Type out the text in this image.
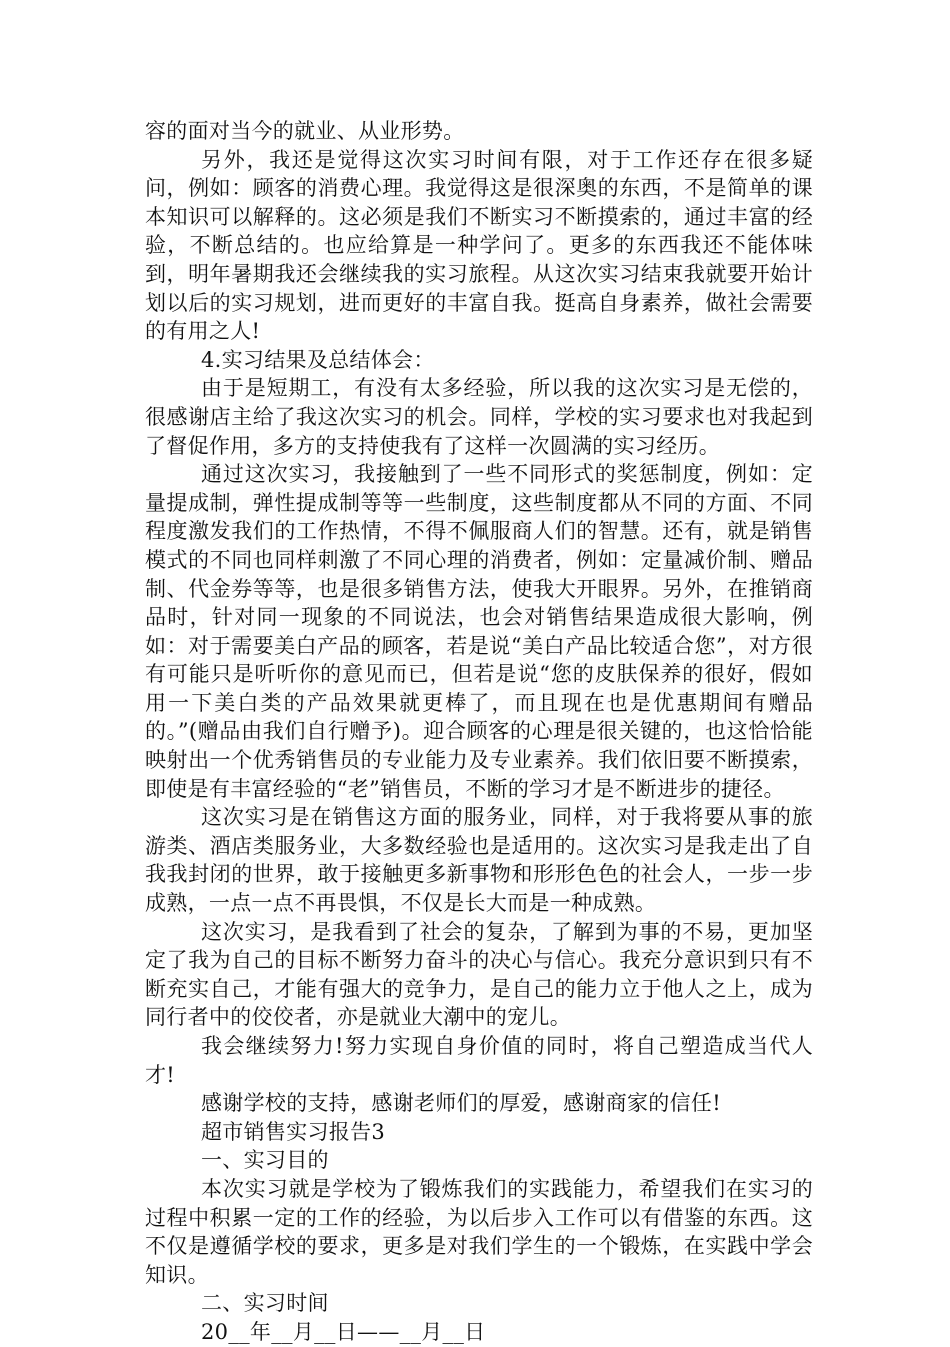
容的面对当今的就业、从业形势。

另外，我还是觉得这次实习时间有限，对于工作还存在很多疑问，例如：顾客的消费心理。我觉得这是很深奥的东西，不是简单的课本知识可以解释的。这必须是我们不断实习不断摸索的，通过丰富的经验，不断总结的。也应给算是一种学问了。更多的东西我还不能体味到，明年暑期我还会继续我的实习旅程。从这次实习结束我就要开始计划以后的实习规划，进而更好的丰富自我。挺高自身素养，做社会需要的有用之人!

4.实习结果及总结体会：

由于是短期工，有没有太多经验，所以我的这次实习是无偿的，很感谢店主给了我这次实习的机会。同样，学校的实习要求也对我起到了督促作用，多方的支持使我有了这样一次圆满的实习经历。

通过这次实习，我接触到了一些不同形式的奖惩制度，例如：定量提成制，弹性提成制等等一些制度，这些制度都从不同的方面、不同程度激发我们的工作热情，不得不佩服商人们的智慧。还有，就是销售模式的不同也同样刺激了不同心理的消费者，例如：定量减价制、赠品制、代金券等等，也是很多销售方法，使我大开眼界。另外，在推销商品时，针对同一现象的不同说法，也会对销售结果造成很大影响，例如：对于需要美白产品的顾客，若是说“美白产品比较适合您”，对方很有可能只是听听你的意见而已，但若是说“您的皮肤保养的很好，假如用一下美白类的产品效果就更棒了，而且现在也是优惠期间有赠品的。”(赠品由我们自行赠予)。迎合顾客的心理是很关键的，也这恰恰能映射出一个优秀销售员的专业能力及专业素养。我们依旧要不断摸索，即使是有丰富经验的“老”销售员，不断的学习才是不断进步的捷径。

这次实习是在销售这方面的服务业，同样，对于我将要从事的旅游类、酒店类服务业，大多数经验也是适用的。这次实习是我走出了自我我封闭的世界，敢于接触更多新事物和形形色色的社会人，一步一步成熟，一点一点不再畏惧，不仅是长大而是一种成熟。

这次实习，是我看到了社会的复杂，了解到为事的不易，更加坚定了我为自己的目标不断努力奋斗的决心与信心。我充分意识到只有不断充实自己，才能有强大的竞争力，是自己的能力立于他人之上，成为同行者中的佼佼者，亦是就业大潮中的宠儿。

我会继续努力!努力实现自身价值的同时，将自己塑造成当代人才!

感谢学校的支持，感谢老师们的厚爱，感谢商家的信任!

超市销售实习报告3

一、实习目的

本次实习就是学校为了锻炼我们的实践能力，希望我们在实习的过程中积累一定的工作的经验，为以后步入工作可以有借鉴的东西。这不仅是遵循学校的要求，更多是对我们学生的一个锻炼，在实践中学会知识。

二、实习时间

20__年__月__日——__月__日
